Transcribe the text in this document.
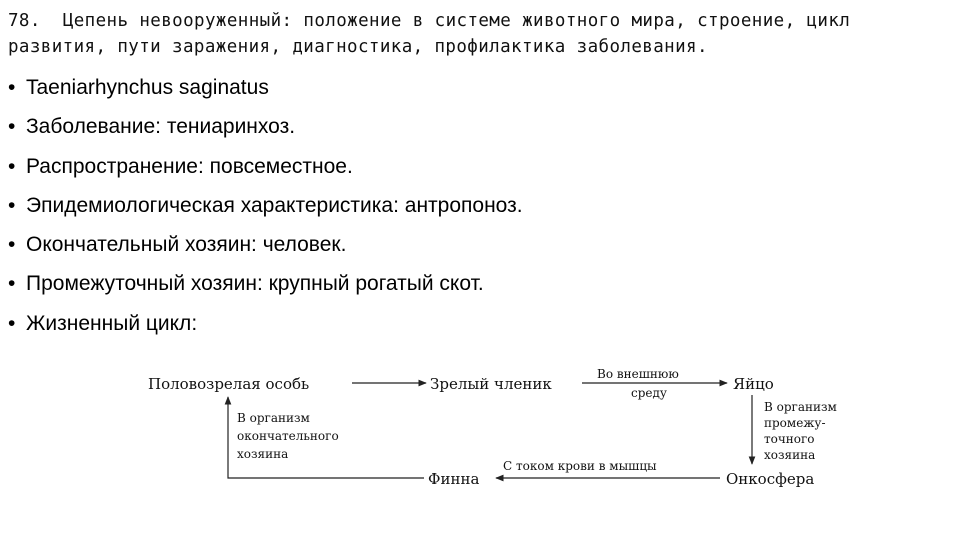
78. Цепень невооруженный: положение в системе животного мира, строение, цикл развития, пути заражения, диагностика, профилактика заболевания.
• Taeniarhynchus saginatus
• Заболевание: тениаринхоз.
• Распространение: повсеместное.
• Эпидемиологическая характеристика: антропоноз.
• Окончательный хозяин: человек.
• Промежуточный хозяин: крупный рогатый скот.
• Жизненный цикл:
Половозрелая особь	Зрелый членик	Яйцо
Финна	Онкосфера
Во внешнюю
среду
В организм
промежу-
точного
хозяина
С током крови в мышцы
В организм
окончательного
хозяина
